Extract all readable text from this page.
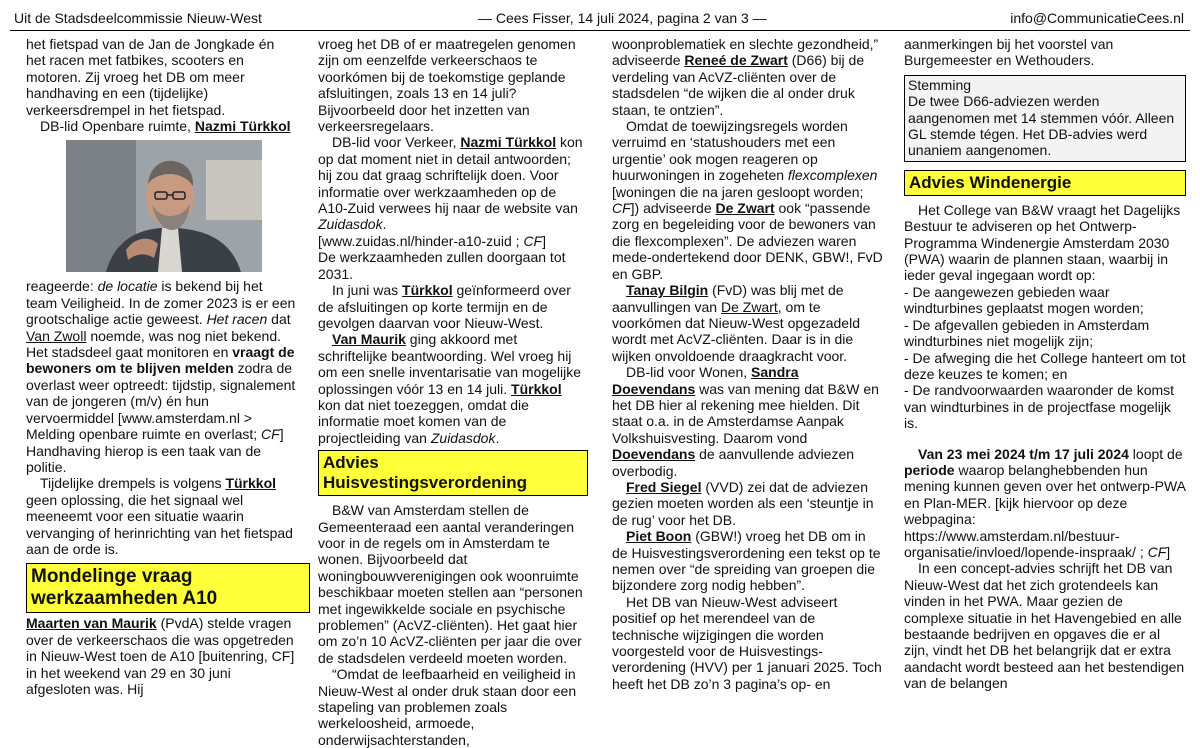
Uit de Stadsdeelcommissie Nieuw-West	— Cees Fisser, 14 juli 2024, pagina 2 van 3 —	info@CommunicatieCees.nl

het fietspad van de Jan de Jongkade én het racen met fatbikes, scooters en motoren. Zij vroeg het DB om meer handhaving en een (tijdelijke) verkeersdrempel in het fietspad.

DB-lid Openbare ruimte, Nazmi Türkkol

reageerde: de locatie is bekend bij het team Veiligheid. In de zomer 2023 is er een grootschalige actie geweest. Het racen dat Van Zwoll noemde, was nog niet bekend. Het stadsdeel gaat monitoren en vraagt de bewoners om te blijven melden zodra de overlast weer optreedt: tijdstip, signalement van de jongeren (m/v) én hun vervoermiddel [www.amsterdam.nl >

Melding openbare ruimte en overlast; CF]

Handhaving hierop is een taak van de politie.

Tijdelijke drempels is volgens Türkkol geen oplossing, die het signaal wel meeneemt voor een situatie waarin vervanging of herinrichting van het fietspad aan de orde is.

Mondelinge vraag werkzaamheden A10

Maarten van Maurik (PvdA) stelde vragen over de verkeerschaos die was opgetreden in Nieuw-West toen de A10 [buitenring, CF] in het weekend van 29 en 30 juni afgesloten was. Hij

vroeg het DB of er maatregelen genomen zijn om eenzelfde verkeerschaos te voorkómen bij de toekomstige geplande afsluitingen, zoals 13 en 14 juli? Bijvoorbeeld door het inzetten van verkeersregelaars.

DB-lid voor Verkeer, Nazmi Türkkol kon op dat moment niet in detail antwoorden; hij zou dat graag schriftelijk doen. Voor informatie over werkzaamheden op de A10-Zuid verwees hij naar de website van Zuidasdok.

[www.zuidas.nl/hinder-a10-zuid ; CF]

De werkzaamheden zullen doorgaan tot 2031.

In juni was Türkkol geïnformeerd over de afsluitingen op korte termijn en de gevolgen daarvan voor Nieuw-West.

Van Maurik ging akkoord met schriftelijke beantwoording. Wel vroeg hij om een snelle inventarisatie van mogelijke oplossingen vóór 13 en 14 juli. Türkkol kon dat niet toezeggen, omdat die informatie moet komen van de projectleiding van Zuidasdok.

Advies Huisvestingsverordening

B&W van Amsterdam stellen de Gemeenteraad een aantal veranderingen voor in de regels om in Amsterdam te wonen. Bijvoorbeeld dat woningbouwverenigingen ook woonruimte beschikbaar moeten stellen aan “personen met ingewikkelde sociale en psychische problemen” (AcVZ-cliënten). Het gaat hier om zo’n 10 AcVZ-cliënten per jaar die over de stadsdelen verdeeld moeten worden.

“Omdat de leefbaarheid en veiligheid in Nieuw-West al onder druk staan door een stapeling van problemen zoals werkeloosheid, armoede, onderwijsachterstanden,

woonproblematiek en slechte gezondheid,” adviseerde Reneé de Zwart (D66) bij de verdeling van AcVZ-cliënten over de stadsdelen “de wijken die al onder druk staan, te ontzien”.

Omdat de toewijzingsregels worden verruimd en ‘statushouders met een urgentie’ ook mogen reageren op huurwoningen in zogeheten flexcomplexen [woningen die na jaren gesloopt worden; CF]) adviseerde De Zwart ook “passende zorg en begeleiding voor de bewoners van die flexcomplexen”. De adviezen waren mede-ondertekend door DENK, GBW!, FvD en GBP.

Tanay Bilgin (FvD) was blij met de aanvullingen van De Zwart, om te voorkómen dat Nieuw-West opgezadeld wordt met AcVZ-cliënten. Daar is in die wijken onvoldoende draagkracht voor.

DB-lid voor Wonen, Sandra Doevendans was van mening dat B&W en het DB hier al rekening mee hielden. Dit staat o.a. in de Amsterdamse Aanpak Volkshuisvesting. Daarom vond Doevendans de aanvullende adviezen overbodig.

Fred Siegel (VVD) zei dat de adviezen gezien moeten worden als een ‘steuntje in de rug’ voor het DB.

Piet Boon (GBW!) vroeg het DB om in de Huisvestingsverordening een tekst op te nemen over “de spreiding van groepen die bijzondere zorg nodig hebben”.

Het DB van Nieuw-West adviseert positief op het merendeel van de technische wijzigingen die worden voorgesteld voor de Huisvestings-verordening (HVV) per 1 januari 2025. Toch heeft het DB zo’n 3 pagina’s op- en

aanmerkingen bij het voorstel van Burgemeester en Wethouders.

Stemming
De twee D66-adviezen werden aangenomen met 14 stemmen vóór. Alleen GL stemde tégen. Het DB-advies werd unaniem aangenomen.
Advies Windenergie

Het College van B&W vraagt het Dagelijks Bestuur te adviseren op het Ontwerp-Programma Windenergie Amsterdam 2030 (PWA) waarin de plannen staan, waarbij in ieder geval ingegaan wordt op:

- De aangewezen gebieden waar windturbines geplaatst mogen worden;

- De afgevallen gebieden in Amsterdam windturbines niet mogelijk zijn;

- De afweging die het College hanteert om tot deze keuzes te komen; en

- De randvoorwaarden waaronder de komst van windturbines in de projectfase mogelijk is.

Van 23 mei 2024 t/m 17 juli 2024 loopt de periode waarop belanghebbenden hun mening kunnen geven over het ontwerp-PWA en Plan-MER. [kijk hiervoor op deze webpagina: https://www.amsterdam.nl/bestuur-organisatie/invloed/lopende-inspraak/ ; CF]

In een concept-advies schrijft het DB van Nieuw-West dat het zich grotendeels kan vinden in het PWA. Maar gezien de complexe situatie in het Havengebied en alle bestaande bedrijven en opgaves die er al zijn, vindt het DB het belangrijk dat er extra aandacht wordt besteed aan het bestendigen van de belangen
